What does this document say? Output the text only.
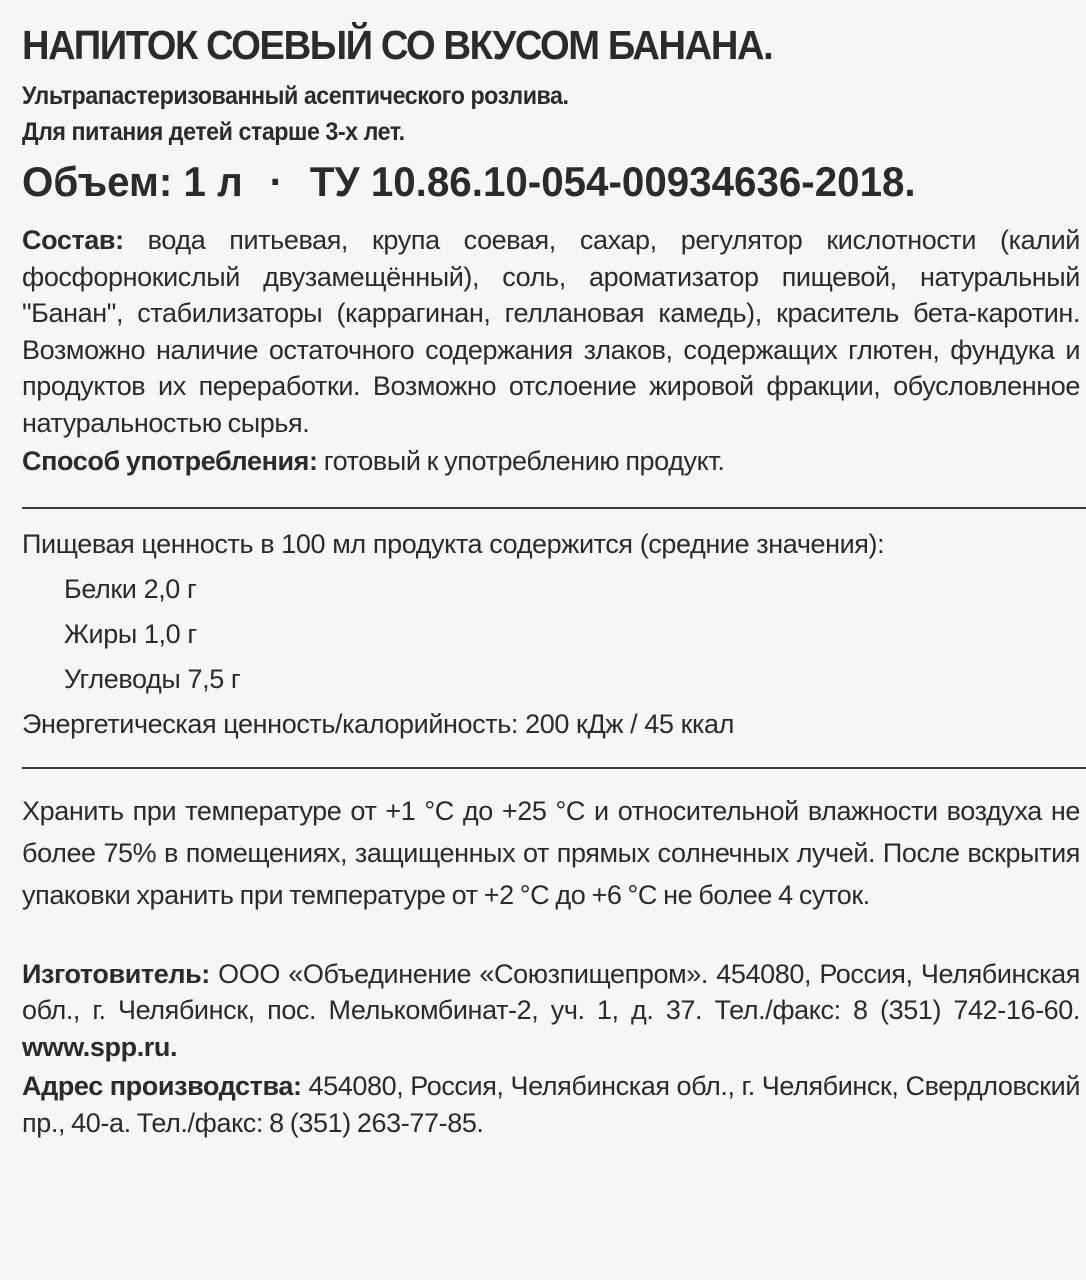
НАПИТОК СОЕВЫЙ СО ВКУСОМ БАНАНА.
Ультрапастеризованный асептического розлива.
Для питания детей старше 3-х лет.
Объем: 1 л · ТУ 10.86.10-054-00934636-2018.
Состав: вода питьевая, крупа соевая, сахар, регулятор кислотности (калий фосфорнокислый двузамещённый), соль, ароматизатор пищевой, натуральный "Банан", стабилизаторы (каррагинан, геллановая камедь), краситель бета-каротин. Возможно наличие остаточного содержания злаков, содержащих глютен, фундука и продуктов их переработки. Возможно отслоение жировой фракции, обусловленное натуральностью сырья.
Способ употребления: готовый к употреблению продукт.
Пищевая ценность в 100 мл продукта содержится (средние значения):
Белки 2,0 г
Жиры 1,0 г
Углеводы 7,5 г
Энергетическая ценность/калорийность: 200 кДж / 45 ккал
Хранить при температуре от +1 °С до +25 °С и относительной влажности воздуха не более 75% в помещениях, защищенных от прямых солнечных лучей. После вскрытия упаковки хранить при температуре от +2 °С до +6 °С не более 4 суток.
Изготовитель: ООО «Объединение «Союзпищепром». 454080, Россия, Челябинская обл., г. Челябинск, пос. Мелькомбинат-2, уч. 1, д. 37. Тел./факс: 8 (351) 742-16-60. www.spp.ru.
Адрес производства: 454080, Россия, Челябинская обл., г. Челябинск, Свердловский пр., 40-а. Тел./факс: 8 (351) 263-77-85.
